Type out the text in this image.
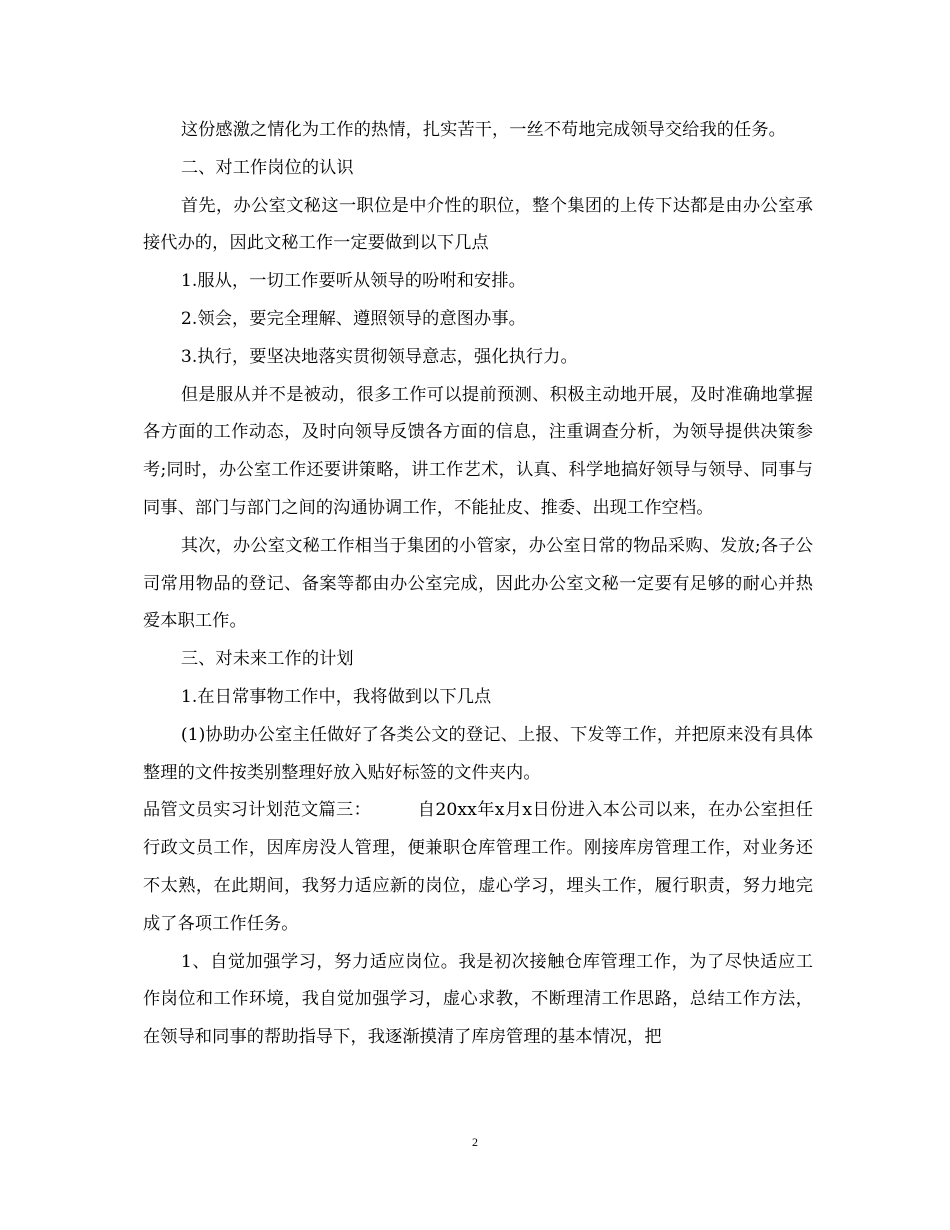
这份感激之情化为工作的热情，扎实苦干，一丝不苟地完成领导交给我的任务。

二、对工作岗位的认识

首先，办公室文秘这一职位是中介性的职位，整个集团的上传下达都是由办公室承接代办的，因此文秘工作一定要做到以下几点

1.服从，一切工作要听从领导的吩咐和安排。

2.领会，要完全理解、遵照领导的意图办事。

3.执行，要坚决地落实贯彻领导意志，强化执行力。

但是服从并不是被动，很多工作可以提前预测、积极主动地开展，及时准确地掌握各方面的工作动态，及时向领导反馈各方面的信息，注重调查分析，为领导提供决策参考;同时，办公室工作还要讲策略，讲工作艺术，认真、科学地搞好领导与领导、同事与同事、部门与部门之间的沟通协调工作，不能扯皮、推委、出现工作空档。

其次，办公室文秘工作相当于集团的小管家，办公室日常的物品采购、发放;各子公司常用物品的登记、备案等都由办公室完成，因此办公室文秘一定要有足够的耐心并热爱本职工作。

三、对未来工作的计划

1.在日常事物工作中，我将做到以下几点

(1)协助办公室主任做好了各类公文的登记、上报、下发等工作，并把原来没有具体整理的文件按类别整理好放入贴好标签的文件夹内。

品管文员实习计划范文篇三：        自20xx年x月x日份进入本公司以来，在办公室担任行政文员工作，因库房没人管理，便兼职仓库管理工作。刚接库房管理工作，对业务还不太熟，在此期间，我努力适应新的岗位，虚心学习，埋头工作，履行职责，努力地完成了各项工作任务。

1、自觉加强学习，努力适应岗位。我是初次接触仓库管理工作，为了尽快适应工作岗位和工作环境，我自觉加强学习，虚心求教，不断理清工作思路，总结工作方法，在领导和同事的帮助指导下，我逐渐摸清了库房管理的基本情况，把

2
